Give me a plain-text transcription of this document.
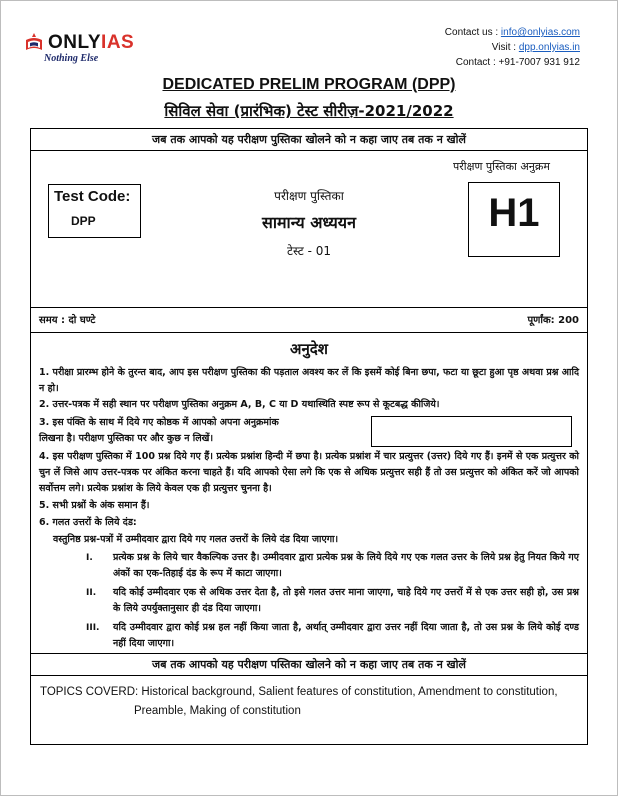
ONLYIAS
Nothing Else
Contact us : info@onlyias.com
Visit : dpp.onlyias.in
Contact : +91-7007 931 912
DEDICATED PRELIM PROGRAM (DPP)
सिविल सेवा (प्रारंभिक) टेस्ट सीरीज़-2021/2022
जब तक आपको यह परीक्षण पुस्तिका खोलने को न कहा जाए तब तक न खोलें
परीक्षण पुस्तिका अनुक्रम
Test Code:
DPP
परीक्षण पुस्तिका
सामान्य अध्ययन
टेस्ट - 01
H1
समय : दो घण्टे	पूर्णांक: 200
अनुदेश

1. परीक्षा प्रारम्भ होने के तुरन्त बाद, आप इस परीक्षण पुस्तिका की पड़ताल अवश्य कर लें कि इसमें कोई बिना छपा, फटा या छूटा हुआ पृष्ठ अथवा प्रश्न आदि न हो।

2. उत्तर-पत्रक में सही स्थान पर परीक्षण पुस्तिका अनुक्रम A, B, C या D यथास्थिति स्पष्ट रूप से कूटबद्ध कीजिये।

3. इस पंक्ति के साथ में दिये गए कोष्ठक में आपको अपना अनुक्रमांक

लिखना है। परीक्षण पुस्तिका पर और कुछ न लिखें।

4. इस परीक्षण पुस्तिका में 100 प्रश्न दिये गए हैं। प्रत्येक प्रश्नांश हिन्दी में छपा है। प्रत्येक प्रश्नांश में चार प्रत्युत्तर (उत्तर) दिये गए हैं। इनमें से एक प्रत्युत्तर को चुन लें जिसे आप उत्तर-पत्रक पर अंकित करना चाहते हैं। यदि आपको ऐसा लगे कि एक से अधिक प्रत्युत्तर सही हैं तो उस प्रत्युत्तर को अंकित करें जो आपको सर्वोत्तम लगे। प्रत्येक प्रश्नांश के लिये केवल एक ही प्रत्युत्तर चुनना है।

5. सभी प्रश्नों के अंक समान हैं।

6. गलत उत्तरों के लिये दंड:

वस्तुनिष्ठ प्रश्न-पत्रों में उम्मीदवार द्वारा दिये गए गलत उत्तरों के लिये दंड दिया जाएगा।

I. प्रत्येक प्रश्न के लिये चार वैकल्पिक उत्तर है। उम्मीदवार द्वारा प्रत्येक प्रश्न के लिये दिये गए एक गलत उत्तर के लिये प्रश्न हेतु नियत किये गए अंकों का एक-तिहाई दंड के रूप में काटा जाएगा।

II. यदि कोई उम्मीदवार एक से अधिक उत्तर देता है, तो इसे गलत उत्तर माना जाएगा, चाहे दिये गए उत्तरों में से एक उत्तर सही हो, उस प्रश्न के लिये उपर्युक्तानुसार ही दंड दिया जाएगा।

III. यदि उम्मीदवार द्वारा कोई प्रश्न हल नहीं किया जाता है, अर्थात् उम्मीदवार द्वारा उत्तर नहीं दिया जाता है, तो उस प्रश्न के लिये कोई दण्ड नहीं दिया जाएगा।

जब तक आपको यह परीक्षण पस्तिका खोलने को न कहा जाए तब तक न खोलें
TOPICS COVERD: Historical background, Salient features of constitution, Amendment to constitution,
Preamble, Making of constitution
